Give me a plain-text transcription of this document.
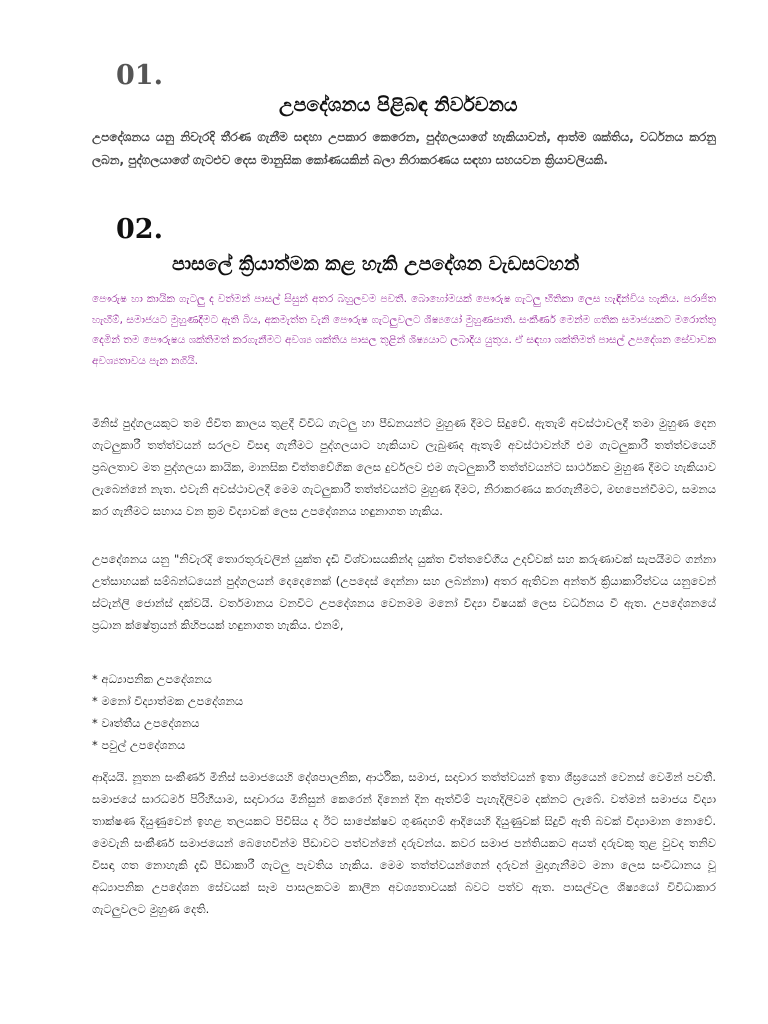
01.
උපදේශනය පිළිබඳ නිර්වචනය

උපදේශනය යනු නිවැරදි තීරණ ගැනීම සඳහා උපකාර කෙරෙන, පුද්ගලයාගේ හැකියාවන්, ආත්ම ශක්තිය, වර්ධනය කරනු ලබන, පුද්ගලයාගේ ගැටළුව දෙස මානුසික කෝණයකින් බලා නිරාකරණය සඳහා සහයවන ක්‍රියාවලියකි.

02.
පාසලේ ක්‍රියාත්මක කළ හැකි උපදේශන වැඩසටහන්

පෞරුෂ හා කායික ගැටලු ද වත්මන් පාසල් සිසුන් අතර බහුලවම පවතී. බොහෝමයක් පෞරුෂ ගැටලු භීතිකා ලෙස හැඳින්විය හැකිය. පරාජිත හැඟීම්, සමාජයට මුහුණදීමට ඇති බිය, අකමැත්ත වැනි පෞරුෂ ගැටලුවලට ශිෂ්‍යයෝ මුහුණපාති. සංකීර්ණ මෙන්ම ගතික සමාජයකට මරොත්තු දෙමින් තම පෞරුෂය ශක්තිමත් කරගැනීමට අවශ්‍ය ශක්තිය පාසල තුළින් ශිෂ්‍යයාට ලබාදිය යුතුය. ඒ සඳහා ශක්තිමත් පාසල් උපදේශන සේවාවක අවශ්‍යතාවය පැන නගියි.

මිනිස් පුද්ගලයකුට තම ජීවිත කාලය තුළදී විවිධ ගැටලු හා පීඩනයන්ට මුහුණ දීමට සිදුවේ. ඇතැම් අවස්ථාවලදී තමා මුහුණ දෙන ගැටලුකාරී තත්ත්වයන් සරලව විසඳා ගැනීමට පුද්ගලයාට හැකියාව ලැබුණද ඇතැම් අවස්ථාවන්හි එම ගැටලුකාරී තත්ත්වයෙහි ප්‍රබලතාව මත පුද්ගලයා කායික, මානසික චිත්තවේගික ලෙස දුර්වලව එම ගැටලුකාරී තත්ත්වයන්ට සාර්ථකව මුහුණ දීමට හැකියාව ලැබෙන්නේ නැත. එවැනි අවස්ථාවලදී මෙම ගැටලුකාරී තත්ත්වයන්ට මුහුණ දීමට, නිරාකරණය කරගැනීමට, මඟපෙන්වීමට, සමනය කර ගැනීමට සහාය වන ක්‍රම විද්‍යාවක් ලෙස උපදේශනය හඳුනාගත හැකිය.

උපදේශනය යනු "නිවැරදි තොරතුරුවලින් යුක්ත දැඩි විශ්වාසයකින්ද යුක්ත චිත්තවේගීය උදව්වක් සහ කරුණාවක් සැපයීමට ගන්නා උත්සාහයක් සම්බන්ධයෙන් පුද්ගලයන් දෙදෙනෙක් (උපදෙස් දෙන්නා සහ ලබන්නා) අතර ඇතිවන අන්තර් ක්‍රියාකාරිත්වය යනුවෙන් ස්ටැන්ලි ජොන්ස් දක්වයි. වර්තමානය වනවිට උපදේශනය වෙනමම මනෝ විද්‍යා විෂයක් ලෙස වර්ධනය වී ඇත. උපදේශනයේ ප්‍රධාන ක්ෂේත්‍රයන් කිහිපයක් හඳුනාගත හැකිය. එනම්,

* අධ්‍යාපනික උපදේශනය
* මනෝ විද්‍යාත්මක උපදේශනය
* වෘත්තීය උපදේශනය
* පවුල් උපදේශනය

ආදියයි. නූතන සංකීර්ණ මිනිස් සමාජයෙහි දේශපාලනික, ආර්ථික, සමාජ, සදාචාර තත්ත්වයන් ඉතා ශීඝ්‍රයෙන් වෙනස් වෙමින් පවතී. සමාජයේ සාරධර්ම පිරිහීයාම, සදාචාරය මිනිසුන් කෙරෙන් දිනෙන් දින ඈත්වීම් පැහැදිලිවම දක්නට ලැබේ. වත්මන් සමාජය විද්‍යා තාක්ෂණ දියුණුවෙන් ඉහළ තලයකට පිවිසිය ද ඊට සාපේක්ෂව ගුණදහම් ආදියෙහි දියුණුවක් සිදුවී ඇති බවක් විද්‍යාමාන නොවේ. මෙවැනි සංකීර්ණ සමාජයෙන් බෙහෙවින්ම පීඩාවට පත්වන්නේ දරුවන්ය. කවර සමාජ පන්තියකට අයත් දරුවකු තුළ වුවද තනිව විසඳා ගත නොහැකි දැඩි පීඩාකාරී ගැටලු පැවතිය හැකිය. මෙම තත්ත්වයන්ගෙන් දරුවන් මුදාගැනීමට මනා ලෙස සංවිධානය වූ අධ්‍යාපනික උපදේශන සේවයක් සෑම පාසලකටම කාලීන අවශ්‍යතාවයක් බවට පත්ව ඇත. පාසල්වල ශිෂ්‍යයෝ විවිධාකාර ගැටලුවලට මුහුණ දෙති.
